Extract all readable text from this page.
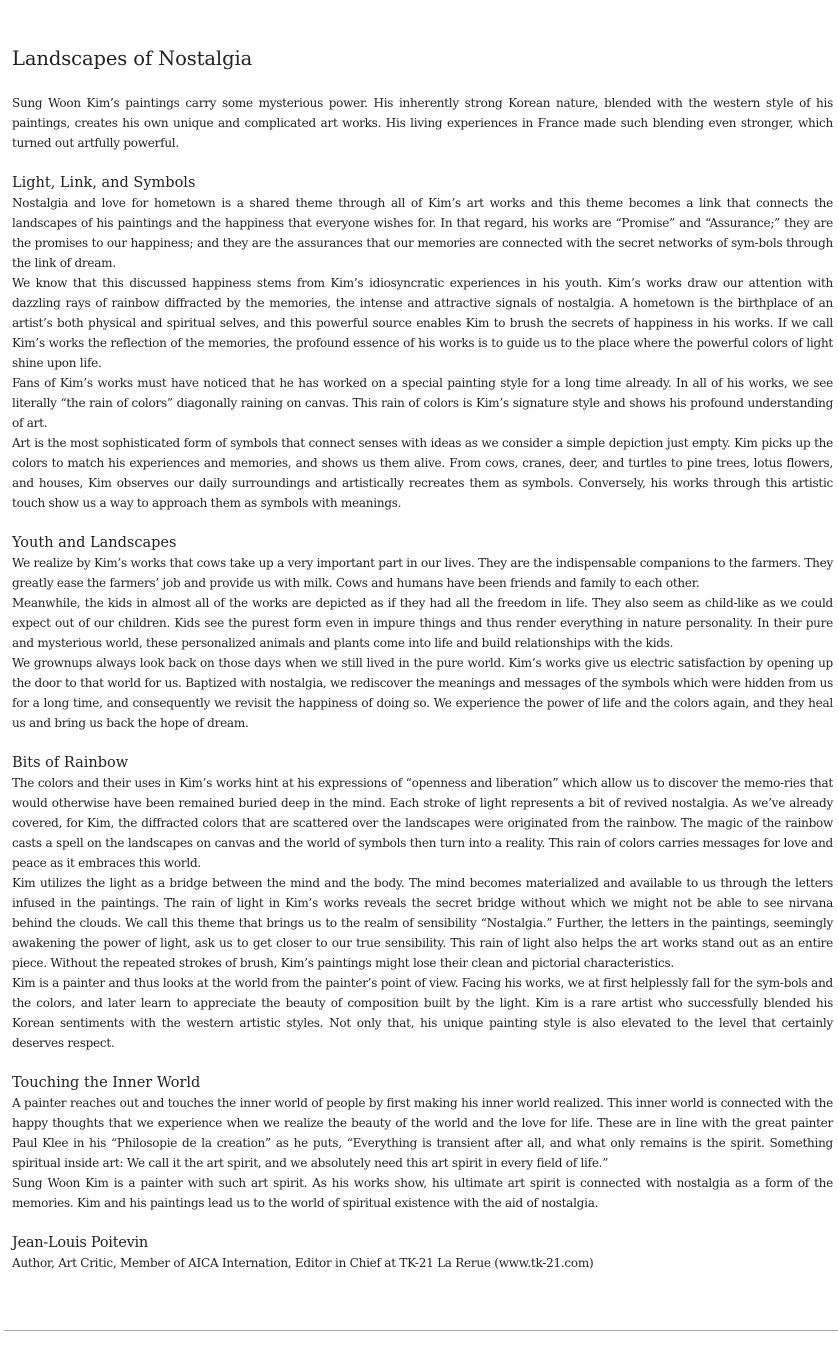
Landscapes of Nostalgia

Sung Woon Kim’s paintings carry some mysterious power. His inherently strong Korean nature, blended with the western style of his paintings, creates his own unique and complicated art works. His living experiences in France made such blending even stronger, which turned out artfully powerful.

Light, Link, and Symbols

Nostalgia and love for hometown is a shared theme through all of Kim’s art works and this theme becomes a link that connects the landscapes of his paintings and the happiness that everyone wishes for. In that regard, his works are “Promise” and “Assurance;” they are the promises to our happiness; and they are the assurances that our memories are connected with the secret networks of sym-bols through the link of dream.

We know that this discussed happiness stems from Kim’s idiosyncratic experiences in his youth. Kim’s works draw our attention with dazzling rays of rainbow diffracted by the memories, the intense and attractive signals of nostalgia. A hometown is the birthplace of an artist’s both physical and spiritual selves, and this powerful source enables Kim to brush the secrets of happiness in his works. If we call Kim’s works the reflection of the memories, the profound essence of his works is to guide us to the place where the powerful colors of light shine upon life.

Fans of Kim’s works must have noticed that he has worked on a special painting style for a long time already. In all of his works, we see literally “the rain of colors” diagonally raining on canvas. This rain of colors is Kim’s signature style and shows his profound understanding of art.

Art is the most sophisticated form of symbols that connect senses with ideas as we consider a simple depiction just empty. Kim picks up the colors to match his experiences and memories, and shows us them alive. From cows, cranes, deer, and turtles to pine trees, lotus flowers, and houses, Kim observes our daily surroundings and artistically recreates them as symbols. Conversely, his works through this artistic touch show us a way to approach them as symbols with meanings.

Youth and Landscapes

We realize by Kim’s works that cows take up a very important part in our lives. They are the indispensable companions to the farmers. They greatly ease the farmers’ job and provide us with milk. Cows and humans have been friends and family to each other.

Meanwhile, the kids in almost all of the works are depicted as if they had all the freedom in life. They also seem as child-like as we could expect out of our children. Kids see the purest form even in impure things and thus render everything in nature personality. In their pure and mysterious world, these personalized animals and plants come into life and build relationships with the kids.

We grownups always look back on those days when we still lived in the pure world. Kim’s works give us electric satisfaction by opening up the door to that world for us. Baptized with nostalgia, we rediscover the meanings and messages of the symbols which were hidden from us for a long time, and consequently we revisit the happiness of doing so. We experience the power of life and the colors again, and they heal us and bring us back the hope of dream.

Bits of Rainbow

The colors and their uses in Kim’s works hint at his expressions of “openness and liberation” which allow us to discover the memo-ries that would otherwise have been remained buried deep in the mind. Each stroke of light represents a bit of revived nostalgia. As we’ve already covered, for Kim, the diffracted colors that are scattered over the landscapes were originated from the rainbow. The magic of the rainbow casts a spell on the landscapes on canvas and the world of symbols then turn into a reality. This rain of colors carries messages for love and peace as it embraces this world.

Kim utilizes the light as a bridge between the mind and the body. The mind becomes materialized and available to us through the letters infused in the paintings. The rain of light in Kim’s works reveals the secret bridge without which we might not be able to see nirvana behind the clouds. We call this theme that brings us to the realm of sensibility “Nostalgia.” Further, the letters in the paintings, seemingly awakening the power of light, ask us to get closer to our true sensibility. This rain of light also helps the art works stand out as an entire piece. Without the repeated strokes of brush, Kim’s paintings might lose their clean and pictorial characteristics.

Kim is a painter and thus looks at the world from the painter’s point of view. Facing his works, we at first helplessly fall for the sym-bols and the colors, and later learn to appreciate the beauty of composition built by the light. Kim is a rare artist who successfully blended his Korean sentiments with the western artistic styles. Not only that, his unique painting style is also elevated to the level that certainly deserves respect.

Touching the Inner World

A painter reaches out and touches the inner world of people by first making his inner world realized. This inner world is connected with the happy thoughts that we experience when we realize the beauty of the world and the love for life. These are in line with the great painter Paul Klee in his “Philosopie de la creation” as he puts, “Everything is transient after all, and what only remains is the spirit. Something spiritual inside art: We call it the art spirit, and we absolutely need this art spirit in every field of life.”

Sung Woon Kim is a painter with such art spirit. As his works show, his ultimate art spirit is connected with nostalgia as a form of the memories. Kim and his paintings lead us to the world of spiritual existence with the aid of nostalgia.

Jean-Louis Poitevin

Author, Art Critic, Member of AICA Internation, Editor in Chief at TK-21 La Rerue (www.tk-21.com)
